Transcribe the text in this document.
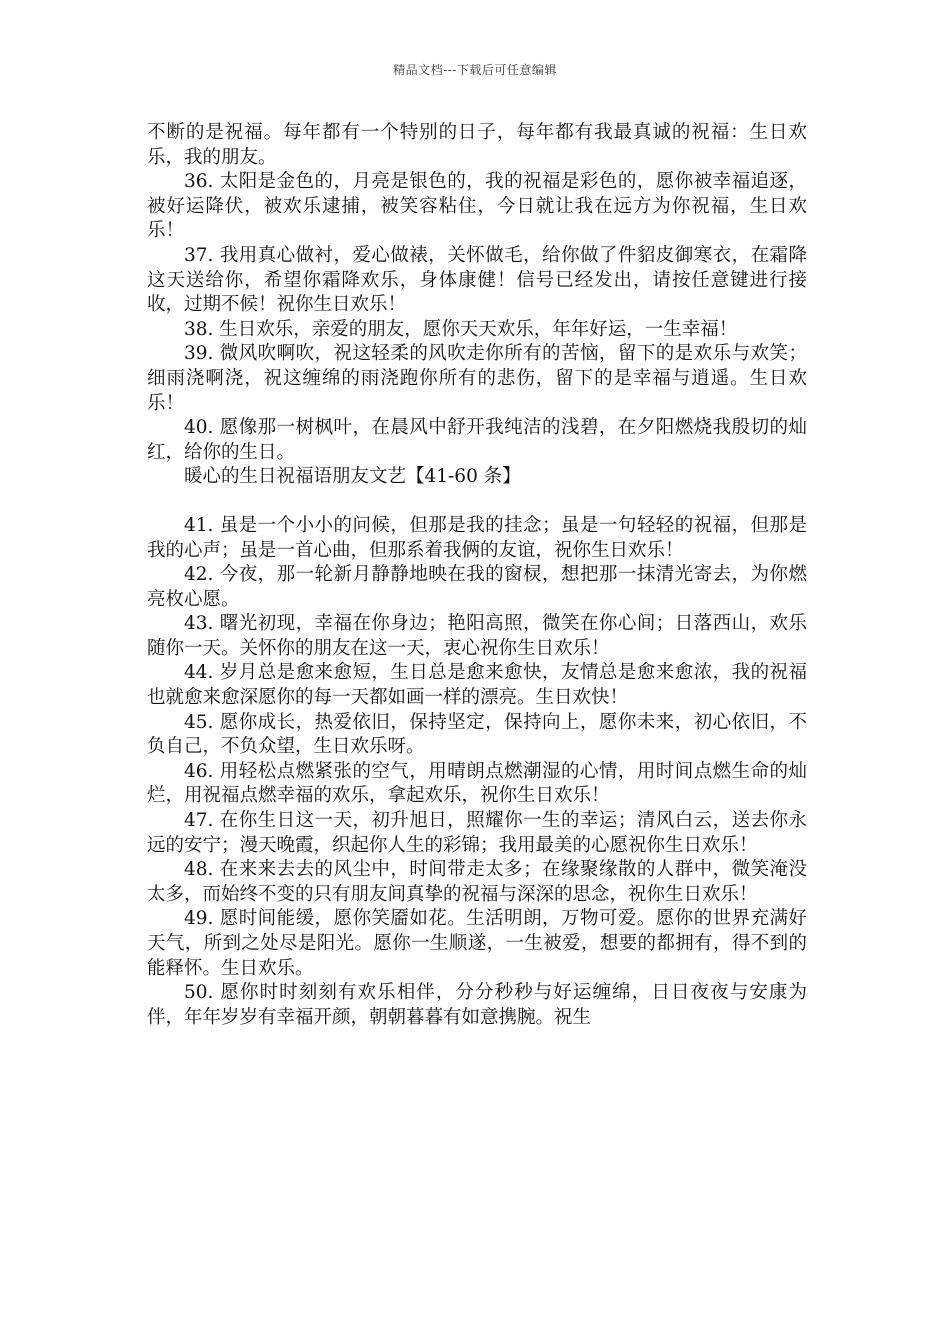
精品文档---下载后可任意编辑

不断的是祝福。每年都有一个特别的日子，每年都有我最真诚的祝福：生日欢乐，我的朋友。

36. 太阳是金色的，月亮是银色的，我的祝福是彩色的，愿你被幸福追逐，被好运降伏，被欢乐逮捕，被笑容粘住，今日就让我在远方为你祝福，生日欢乐！

37. 我用真心做衬，爱心做裱，关怀做毛，给你做了件貂皮御寒衣，在霜降这天送给你，希望你霜降欢乐，身体康健！信号已经发出，请按任意键进行接收，过期不候！祝你生日欢乐！

38. 生日欢乐，亲爱的朋友，愿你天天欢乐，年年好运，一生幸福！

39. 微风吹啊吹，祝这轻柔的风吹走你所有的苦恼，留下的是欢乐与欢笑；细雨浇啊浇，祝这缠绵的雨浇跑你所有的悲伤，留下的是幸福与逍遥。生日欢乐！

40. 愿像那一树枫叶，在晨风中舒开我纯洁的浅碧，在夕阳燃烧我殷切的灿红，给你的生日。

暖心的生日祝福语朋友文艺【41-60 条】

41. 虽是一个小小的问候，但那是我的挂念；虽是一句轻轻的祝福，但那是我的心声；虽是一首心曲，但那系着我俩的友谊，祝你生日欢乐！

42. 今夜，那一轮新月静静地映在我的窗棂，想把那一抹清光寄去，为你燃亮枚心愿。

43. 曙光初现，幸福在你身边；艳阳高照，微笑在你心间；日落西山，欢乐随你一天。关怀你的朋友在这一天，衷心祝你生日欢乐！

44. 岁月总是愈来愈短，生日总是愈来愈快，友情总是愈来愈浓，我的祝福也就愈来愈深愿你的每一天都如画一样的漂亮。生日欢快！

45. 愿你成长，热爱依旧，保持坚定，保持向上，愿你未来，初心依旧，不负自己，不负众望，生日欢乐呀。

46. 用轻松点燃紧张的空气，用晴朗点燃潮湿的心情，用时间点燃生命的灿烂，用祝福点燃幸福的欢乐，拿起欢乐，祝你生日欢乐！

47. 在你生日这一天，初升旭日，照耀你一生的幸运；清风白云，送去你永远的安宁；漫天晚霞，织起你人生的彩锦；我用最美的心愿祝你生日欢乐！

48. 在来来去去的风尘中，时间带走太多；在缘聚缘散的人群中，微笑淹没太多，而始终不变的只有朋友间真挚的祝福与深深的思念，祝你生日欢乐！

49. 愿时间能缓，愿你笑靥如花。生活明朗，万物可爱。愿你的世界充满好天气，所到之处尽是阳光。愿你一生顺遂，一生被爱，想要的都拥有，得不到的能释怀。生日欢乐。

50. 愿你时时刻刻有欢乐相伴，分分秒秒与好运缠绵，日日夜夜与安康为伴，年年岁岁有幸福开颜，朝朝暮暮有如意携腕。祝生
